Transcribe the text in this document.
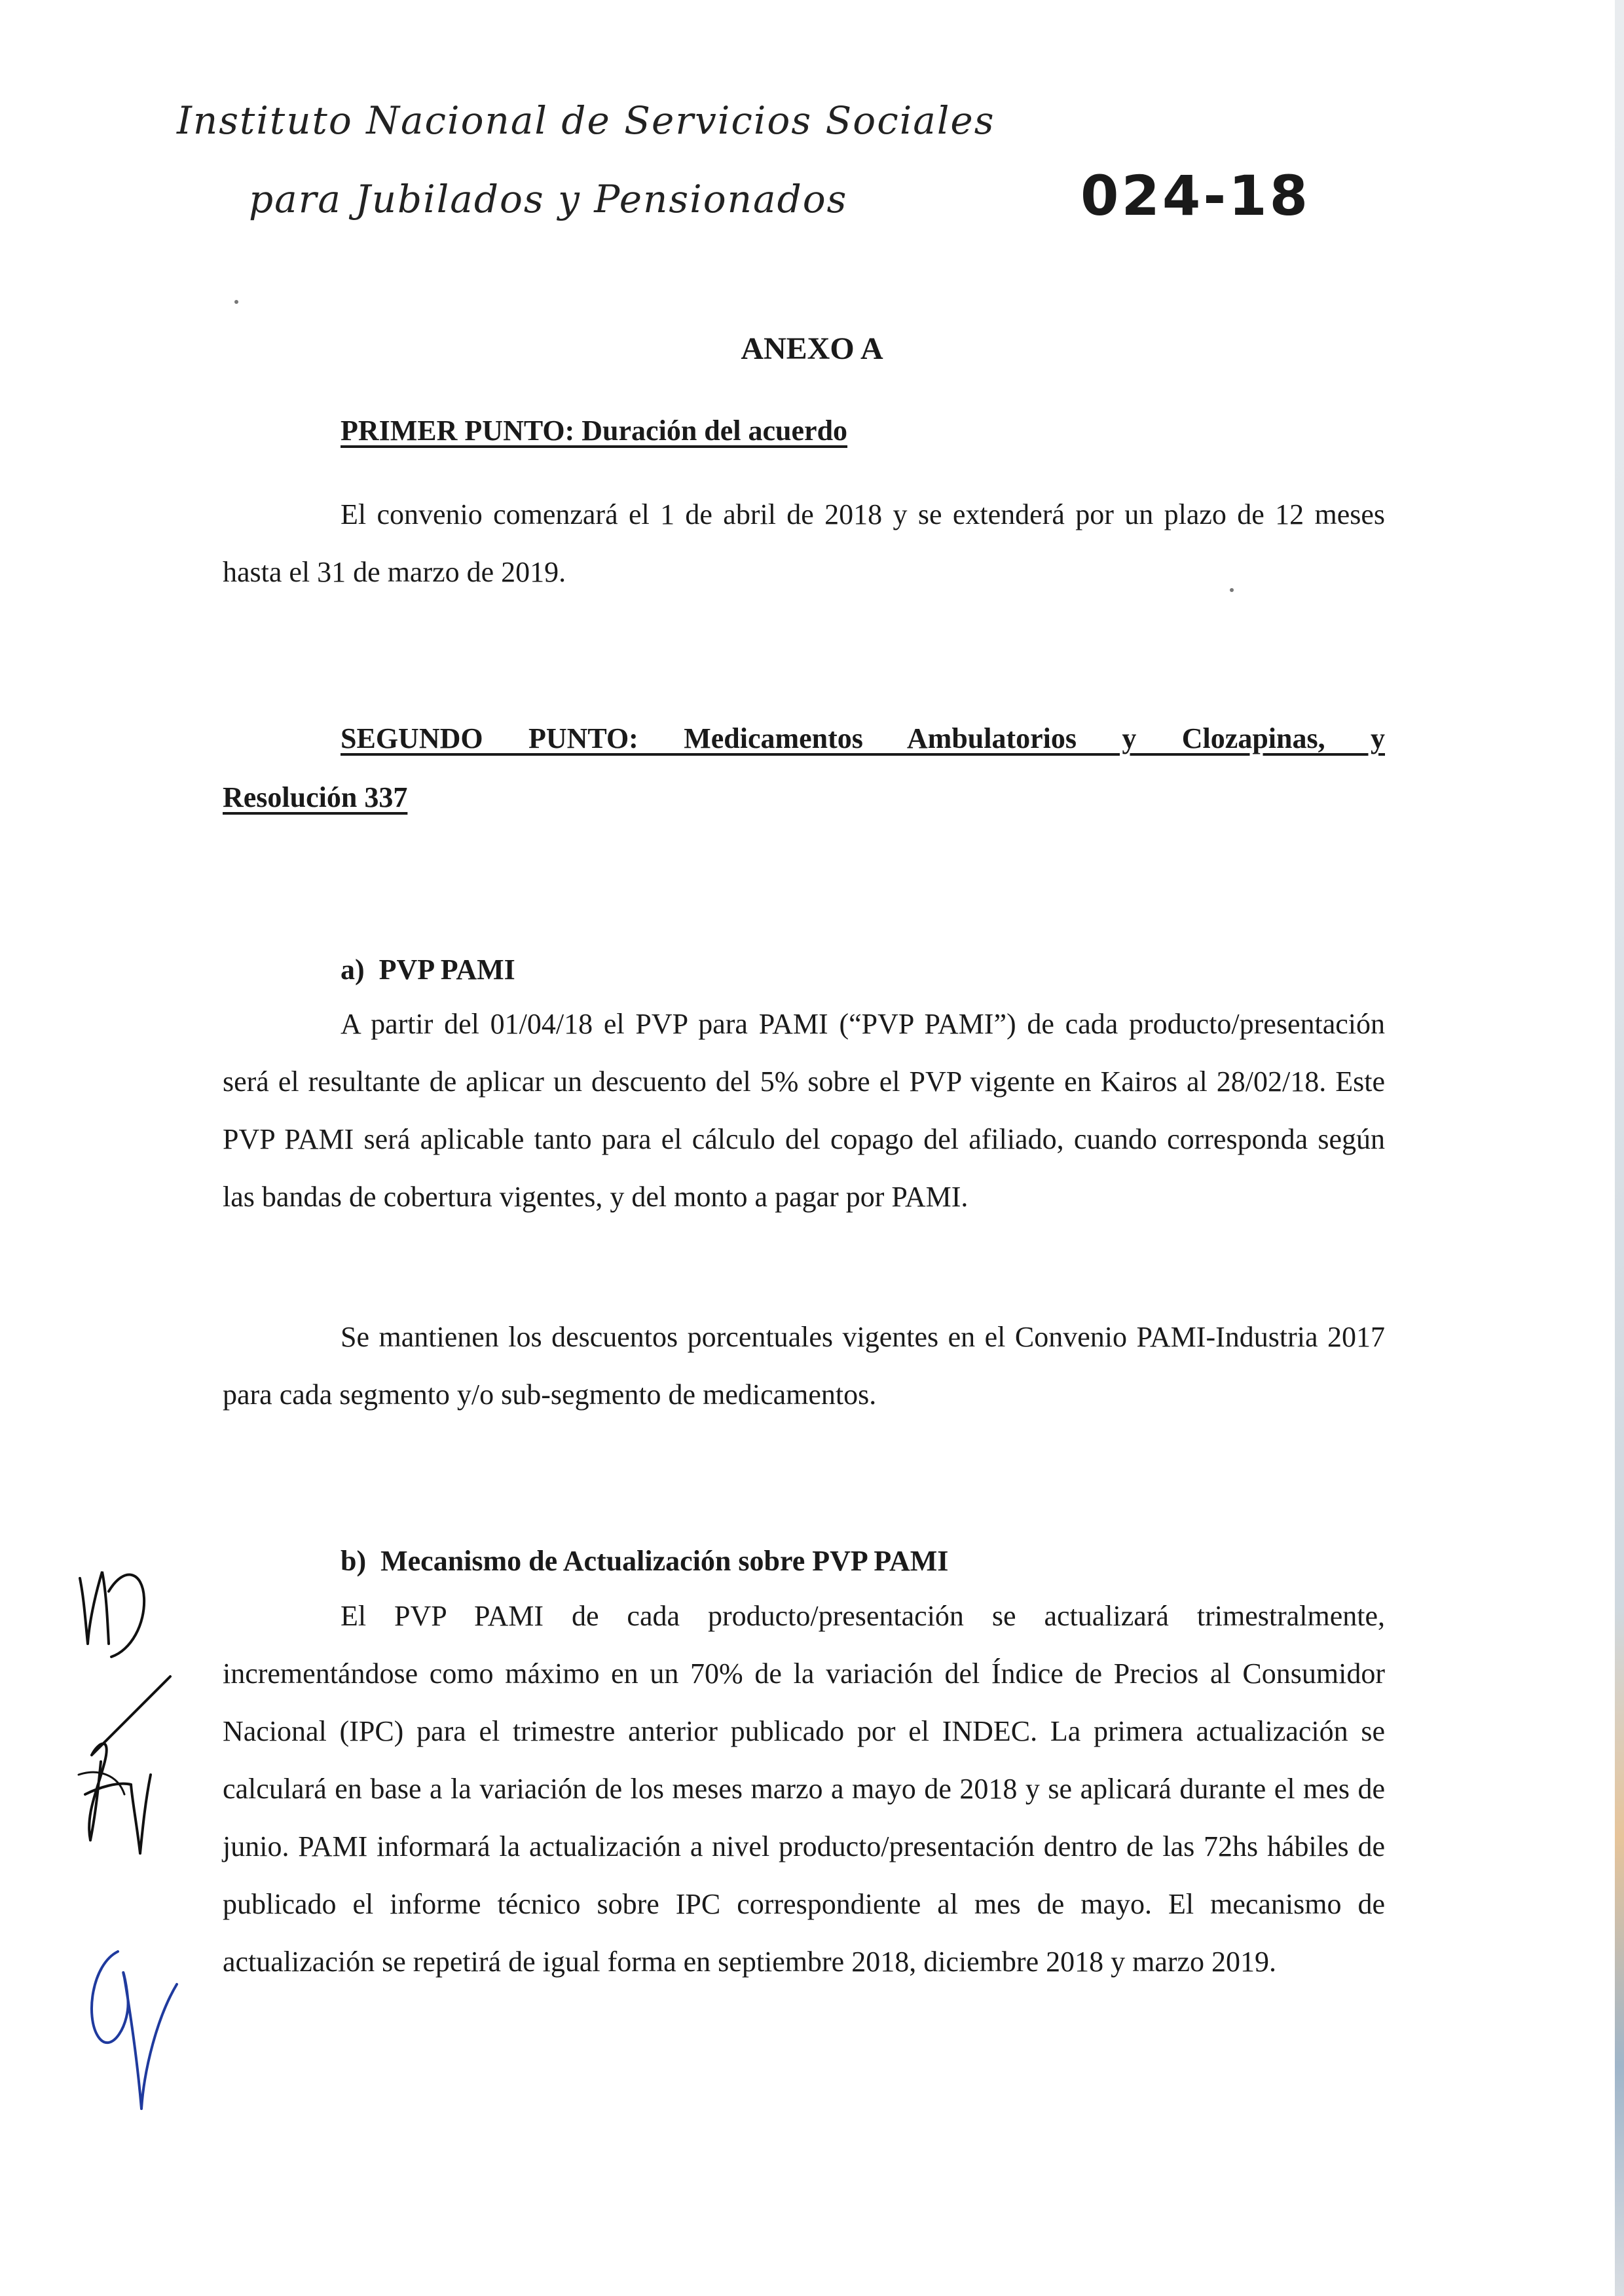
Instituto Nacional de Servicios Sociales
para Jubilados y Pensionados	024-18
ANEXO A
PRIMER PUNTO: Duración del acuerdo
El convenio comenzará el 1 de abril de 2018 y se extenderá por un plazo de 12 meses hasta el 31 de marzo de 2019.
SEGUNDO PUNTO: Medicamentos Ambulatorios y Clozapinas, y
Resolución 337
a) PVP PAMI
A partir del 01/04/18 el PVP para PAMI (“PVP PAMI”) de cada producto/presentación será el resultante de aplicar un descuento del 5% sobre el PVP vigente en Kairos al 28/02/18. Este PVP PAMI será aplicable tanto para el cálculo del copago del afiliado, cuando corresponda según las bandas de cobertura vigentes, y del monto a pagar por PAMI.
Se mantienen los descuentos porcentuales vigentes en el Convenio PAMI-Industria 2017 para cada segmento y/o sub-segmento de medicamentos.
b) Mecanismo de Actualización sobre PVP PAMI
El PVP PAMI de cada producto/presentación se actualizará trimestralmente, incrementándose como máximo en un 70% de la variación del Índice de Precios al Consumidor Nacional (IPC) para el trimestre anterior publicado por el INDEC. La primera actualización se calculará en base a la variación de los meses marzo a mayo de 2018 y se aplicará durante el mes de junio. PAMI informará la actualización a nivel producto/presentación dentro de las 72hs hábiles de publicado el informe técnico sobre IPC correspondiente al mes de mayo. El mecanismo de actualización se repetirá de igual forma en septiembre 2018, diciembre 2018 y marzo 2019.
